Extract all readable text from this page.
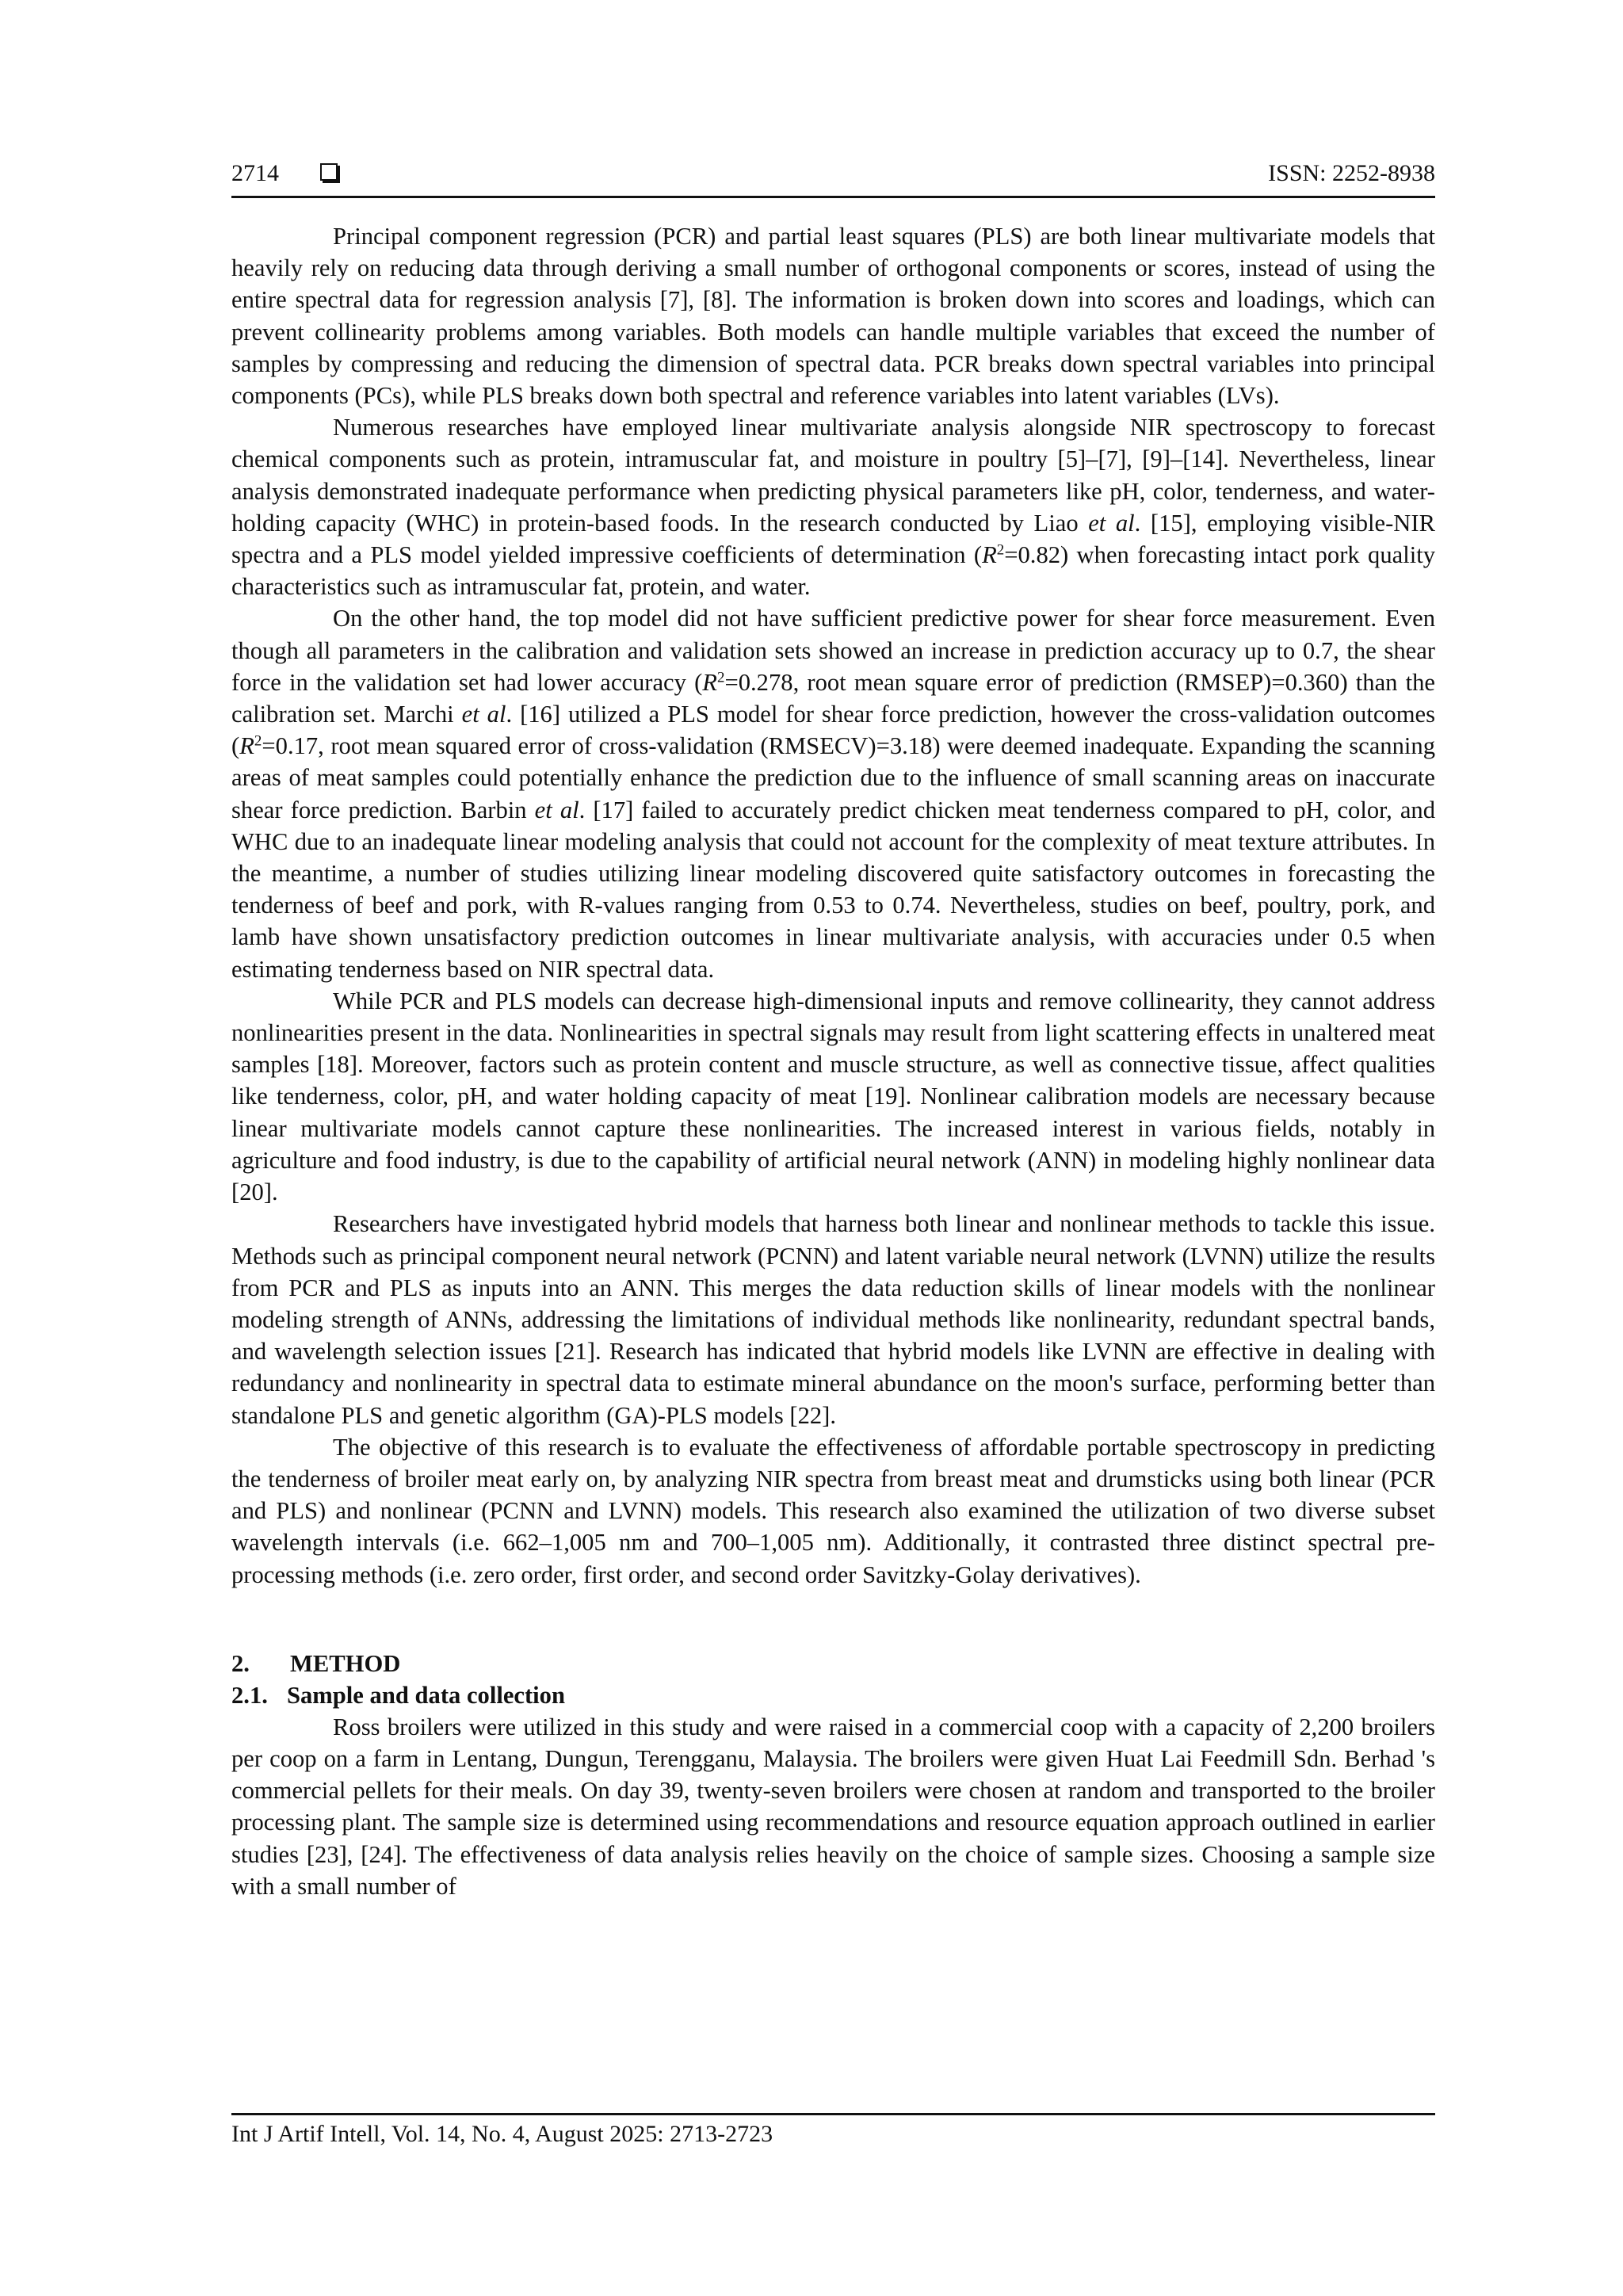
2714	ISSN: 2252-8938

Principal component regression (PCR) and partial least squares (PLS) are both linear multivariate models that heavily rely on reducing data through deriving a small number of orthogonal components or scores, instead of using the entire spectral data for regression analysis [7], [8]. The information is broken down into scores and loadings, which can prevent collinearity problems among variables. Both models can handle multiple variables that exceed the number of samples by compressing and reducing the dimension of spectral data. PCR breaks down spectral variables into principal components (PCs), while PLS breaks down both spectral and reference variables into latent variables (LVs).

Numerous researches have employed linear multivariate analysis alongside NIR spectroscopy to forecast chemical components such as protein, intramuscular fat, and moisture in poultry [5]–[7], [9]–[14]. Nevertheless, linear analysis demonstrated inadequate performance when predicting physical parameters like pH, color, tenderness, and water-holding capacity (WHC) in protein-based foods. In the research conducted by Liao et al. [15], employing visible-NIR spectra and a PLS model yielded impressive coefficients of determination $(R^2=0.82)$ when forecasting intact pork quality characteristics such as intramuscular fat, protein, and water.

On the other hand, the top model did not have sufficient predictive power for shear force measurement. Even though all parameters in the calibration and validation sets showed an increase in prediction accuracy up to 0.7, the shear force in the validation set had lower accuracy ($R^2=0.278$, root mean square error of prediction (RMSEP)=0.360) than the calibration set. Marchi et al. [16] utilized a PLS model for shear force prediction, however the cross-validation outcomes ($R^2=0.17$, root mean squared error of cross-validation (RMSECV)=3.18) were deemed inadequate. Expanding the scanning areas of meat samples could potentially enhance the prediction due to the influence of small scanning areas on inaccurate shear force prediction. Barbin et al. [17] failed to accurately predict chicken meat tenderness compared to pH, color, and WHC due to an inadequate linear modeling analysis that could not account for the complexity of meat texture attributes. In the meantime, a number of studies utilizing linear modeling discovered quite satisfactory outcomes in forecasting the tenderness of beef and pork, with R-values ranging from 0.53 to 0.74. Nevertheless, studies on beef, poultry, pork, and lamb have shown unsatisfactory prediction outcomes in linear multivariate analysis, with accuracies under 0.5 when estimating tenderness based on NIR spectral data.

While PCR and PLS models can decrease high-dimensional inputs and remove collinearity, they cannot address nonlinearities present in the data. Nonlinearities in spectral signals may result from light scattering effects in unaltered meat samples [18]. Moreover, factors such as protein content and muscle structure, as well as connective tissue, affect qualities like tenderness, color, pH, and water holding capacity of meat [19]. Nonlinear calibration models are necessary because linear multivariate models cannot capture these nonlinearities. The increased interest in various fields, notably in agriculture and food industry, is due to the capability of artificial neural network (ANN) in modeling highly nonlinear data [20].

Researchers have investigated hybrid models that harness both linear and nonlinear methods to tackle this issue. Methods such as principal component neural network (PCNN) and latent variable neural network (LVNN) utilize the results from PCR and PLS as inputs into an ANN. This merges the data reduction skills of linear models with the nonlinear modeling strength of ANNs, addressing the limitations of individual methods like nonlinearity, redundant spectral bands, and wavelength selection issues [21]. Research has indicated that hybrid models like LVNN are effective in dealing with redundancy and nonlinearity in spectral data to estimate mineral abundance on the moon's surface, performing better than standalone PLS and genetic algorithm (GA)-PLS models [22].

The objective of this research is to evaluate the effectiveness of affordable portable spectroscopy in predicting the tenderness of broiler meat early on, by analyzing NIR spectra from breast meat and drumsticks using both linear (PCR and PLS) and nonlinear (PCNN and LVNN) models. This research also examined the utilization of two diverse subset wavelength intervals (i.e. 662–1,005 nm and 700–1,005 nm). Additionally, it contrasted three distinct spectral pre-processing methods (i.e. zero order, first order, and second order Savitzky-Golay derivatives).

2. METHOD
2.1. Sample and data collection

Ross broilers were utilized in this study and were raised in a commercial coop with a capacity of 2,200 broilers per coop on a farm in Lentang, Dungun, Terengganu, Malaysia. The broilers were given Huat Lai Feedmill Sdn. Berhad 's commercial pellets for their meals. On day 39, twenty-seven broilers were chosen at random and transported to the broiler processing plant. The sample size is determined using recommendations and resource equation approach outlined in earlier studies [23], [24]. The effectiveness of data analysis relies heavily on the choice of sample sizes. Choosing a sample size with a small number of

Int J Artif Intell, Vol. 14, No. 4, August 2025: 2713-2723
